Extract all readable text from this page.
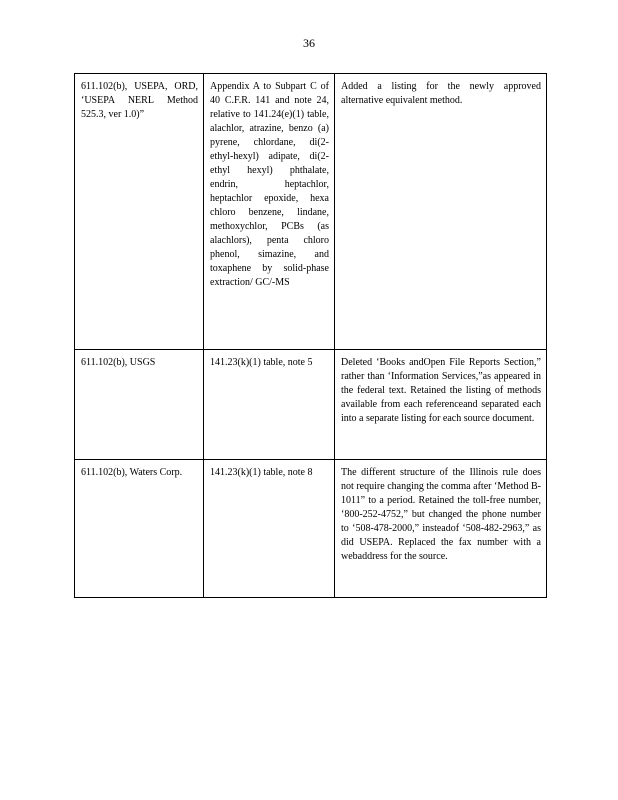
36
611.102(b), USEPA, ORD, ‘USEPA NERL Method 525.3, ver 1.0)”	Appendix A to Subpart C of 40 C.F.R. 141 and note 24, relative to 141.24(e)(1) table, alachlor, atrazine, benzo (a) pyrene, chlordane, di(2-ethyl-hexyl) adipate, di(2-ethyl hexyl) phthalate, endrin, heptachlor, heptachlor epoxide, hexa chloro benzene, lindane, methoxychlor, PCBs (as alachlors), penta chloro phenol, simazine, and toxaphene by solid-phase extraction/ GC/-MS	Added a listing for the newly approved alternative equivalent method.

611.102(b), USGS	141.23(k)(1) table, note 5	Deleted ‘Books andOpen File Reports Section,” rather than ‘Information Services,”as appeared in the federal text. Retained the listing of methods available from each referenceand separated each into a separate listing for each source document.

611.102(b), Waters Corp.	141.23(k)(1) table, note 8	The different structure of the Illinois rule does not require changing the comma after ‘Method B-1011” to a period. Retained the toll-free number, ‘800-252-4752,” but changed the phone number to ‘508-478-2000,” insteadof ‘508-482-2963,” as did USEPA. Replaced the fax number with a webaddress for the source.
